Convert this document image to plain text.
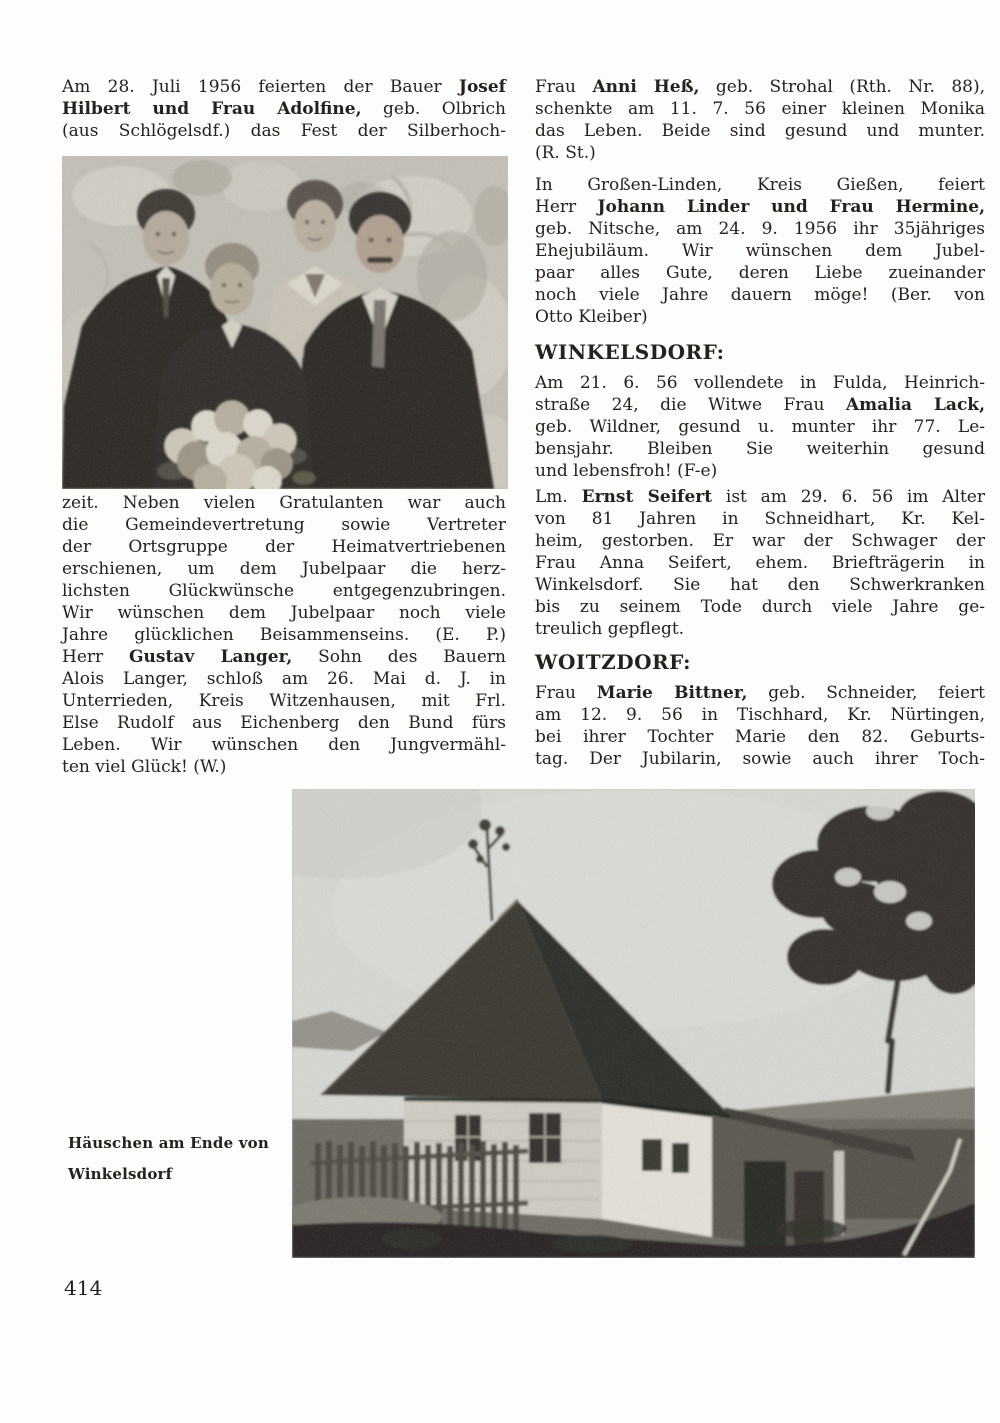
Am 28. Juli 1956 feierten der Bauer Josef
Hilbert und Frau Adolfine, geb. Olbrich
(aus Schlögelsdf.) das Fest der Silberhoch-
zeit. Neben vielen Gratulanten war auch
die Gemeindevertretung sowie Vertreter
der Ortsgruppe der Heimatvertriebenen
erschienen, um dem Jubelpaar die herz-
lichsten Glückwünsche entgegenzubringen.
Wir wünschen dem Jubelpaar noch viele
Jahre glücklichen Beisammenseins. (E. P.)
Herr Gustav Langer, Sohn des Bauern
Alois Langer, schloß am 26. Mai d. J. in
Unterrieden, Kreis Witzenhausen, mit Frl.
Else Rudolf aus Eichenberg den Bund fürs
Leben. Wir wünschen den Jungvermähl-
ten viel Glück! (W.)
Frau Anni Heß, geb. Strohal (Rth. Nr. 88),
schenkte am 11. 7. 56 einer kleinen Monika
das Leben. Beide sind gesund und munter.
(R. St.)
In Großen-Linden, Kreis Gießen, feiert
Herr Johann Linder und Frau Hermine,
geb. Nitsche, am 24. 9. 1956 ihr 35jähriges
Ehejubiläum. Wir wünschen dem Jubel-
paar alles Gute, deren Liebe zueinander
noch viele Jahre dauern möge! (Ber. von
Otto Kleiber)
WINKELSDORF:
Am 21. 6. 56 vollendete in Fulda, Heinrich-
straße 24, die Witwe Frau Amalia Lack,
geb. Wildner, gesund u. munter ihr 77. Le-
bensjahr. Bleiben Sie weiterhin gesund
und lebensfroh! (F-e)
Lm. Ernst Seifert ist am 29. 6. 56 im Alter
von 81 Jahren in Schneidhart, Kr. Kel-
heim, gestorben. Er war der Schwager der
Frau Anna Seifert, ehem. Briefträgerin in
Winkelsdorf. Sie hat den Schwerkranken
bis zu seinem Tode durch viele Jahre ge-
treulich gepflegt.
WOITZDORF:
Frau Marie Bittner, geb. Schneider, feiert
am 12. 9. 56 in Tischhard, Kr. Nürtingen,
bei ihrer Tochter Marie den 82. Geburts-
tag. Der Jubilarin, sowie auch ihrer Toch-
Häuschen am Ende von
Winkelsdorf
414
